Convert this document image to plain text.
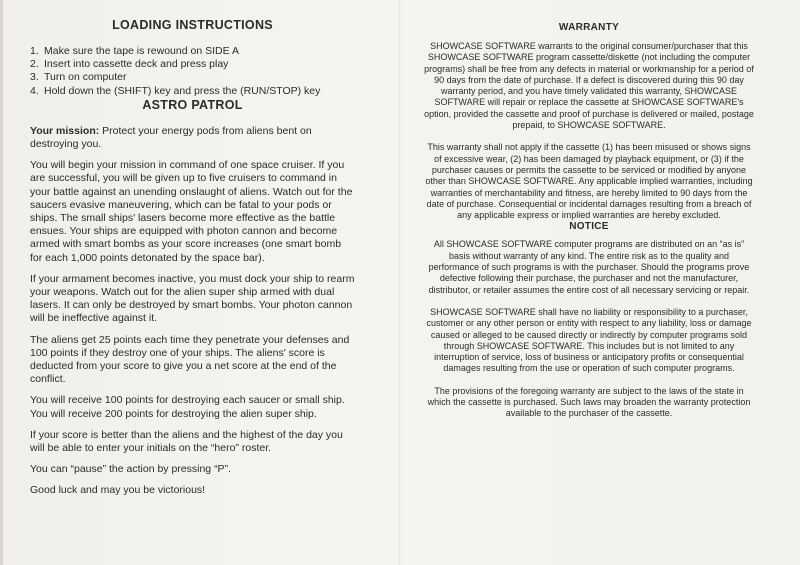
LOADING INSTRUCTIONS
1. Make sure the tape is rewound on SIDE A
2. Insert into cassette deck and press play
3. Turn on computer
4. Hold down the (SHIFT) key and press the (RUN/STOP) key
ASTRO PATROL

Your mission: Protect your energy pods from aliens bent on destroying you.

You will begin your mission in command of one space cruiser. If you are successful, you will be given up to five cruisers to command in your battle against an unending onslaught of aliens. Watch out for the saucers evasive maneuvering, which can be fatal to your pods or ships. The small ships' lasers become more effective as the battle ensues. Your ships are equipped with photon cannon and become armed with smart bombs as your score increases (one smart bomb for each 1,000 points detonated by the space bar).

If your armament becomes inactive, you must dock your ship to rearm your weapons. Watch out for the alien super ship armed with dual lasers. It can only be destroyed by smart bombs. Your photon cannon will be ineffective against it.

The aliens get 25 points each time they penetrate your defenses and 100 points if they destroy one of your ships. The aliens' score is deducted from your score to give you a net score at the end of the conflict.

You will receive 100 points for destroying each saucer or small ship. You will receive 200 points for destroying the alien super ship.

If your score is better than the aliens and the highest of the day you will be able to enter your initials on the “hero” roster.

You can “pause” the action by pressing “P”.

Good luck and may you be victorious!

WARRANTY

SHOWCASE SOFTWARE warrants to the original consumer/purchaser that this SHOWCASE SOFTWARE program cassette/diskette (not including the computer programs) shall be free from any defects in material or workmanship for a period of 90 days from the date of purchase. If a defect is discovered during this 90 day warranty period, and you have timely validated this warranty, SHOWCASE SOFTWARE will repair or replace the cassette at SHOWCASE SOFTWARE's option, provided the cassette and proof of purchase is delivered or mailed, postage prepaid, to SHOWCASE SOFTWARE.

This warranty shall not apply if the cassette (1) has been misused or shows signs of excessive wear, (2) has been damaged by playback equipment, or (3) if the purchaser causes or permits the cassette to be serviced or modified by anyone other than SHOWCASE SOFTWARE. Any applicable implied warranties, including warranties of merchantability and fitness, are hereby limited to 90 days from the date of purchase. Consequential or incidental damages resulting from a breach of any applicable express or implied warranties are hereby excluded.

NOTICE

All SHOWCASE SOFTWARE computer programs are distributed on an “as is” basis without warranty of any kind. The entire risk as to the quality and performance of such programs is with the purchaser. Should the programs prove defective following their purchase, the purchaser and not the manufacturer, distributor, or retailer assumes the entire cost of all necessary servicing or repair.

SHOWCASE SOFTWARE shall have no liability or responsibility to a purchaser, customer or any other person or entity with respect to any liability, loss or damage caused or alleged to be caused directly or indirectly by computer programs sold through SHOWCASE SOFTWARE. This includes but is not limited to any interruption of service, loss of business or anticipatory profits or consequential damages resulting from the use or operation of such computer programs.

The provisions of the foregoing warranty are subject to the laws of the state in which the cassette is purchased. Such laws may broaden the warranty protection available to the purchaser of the cassette.
